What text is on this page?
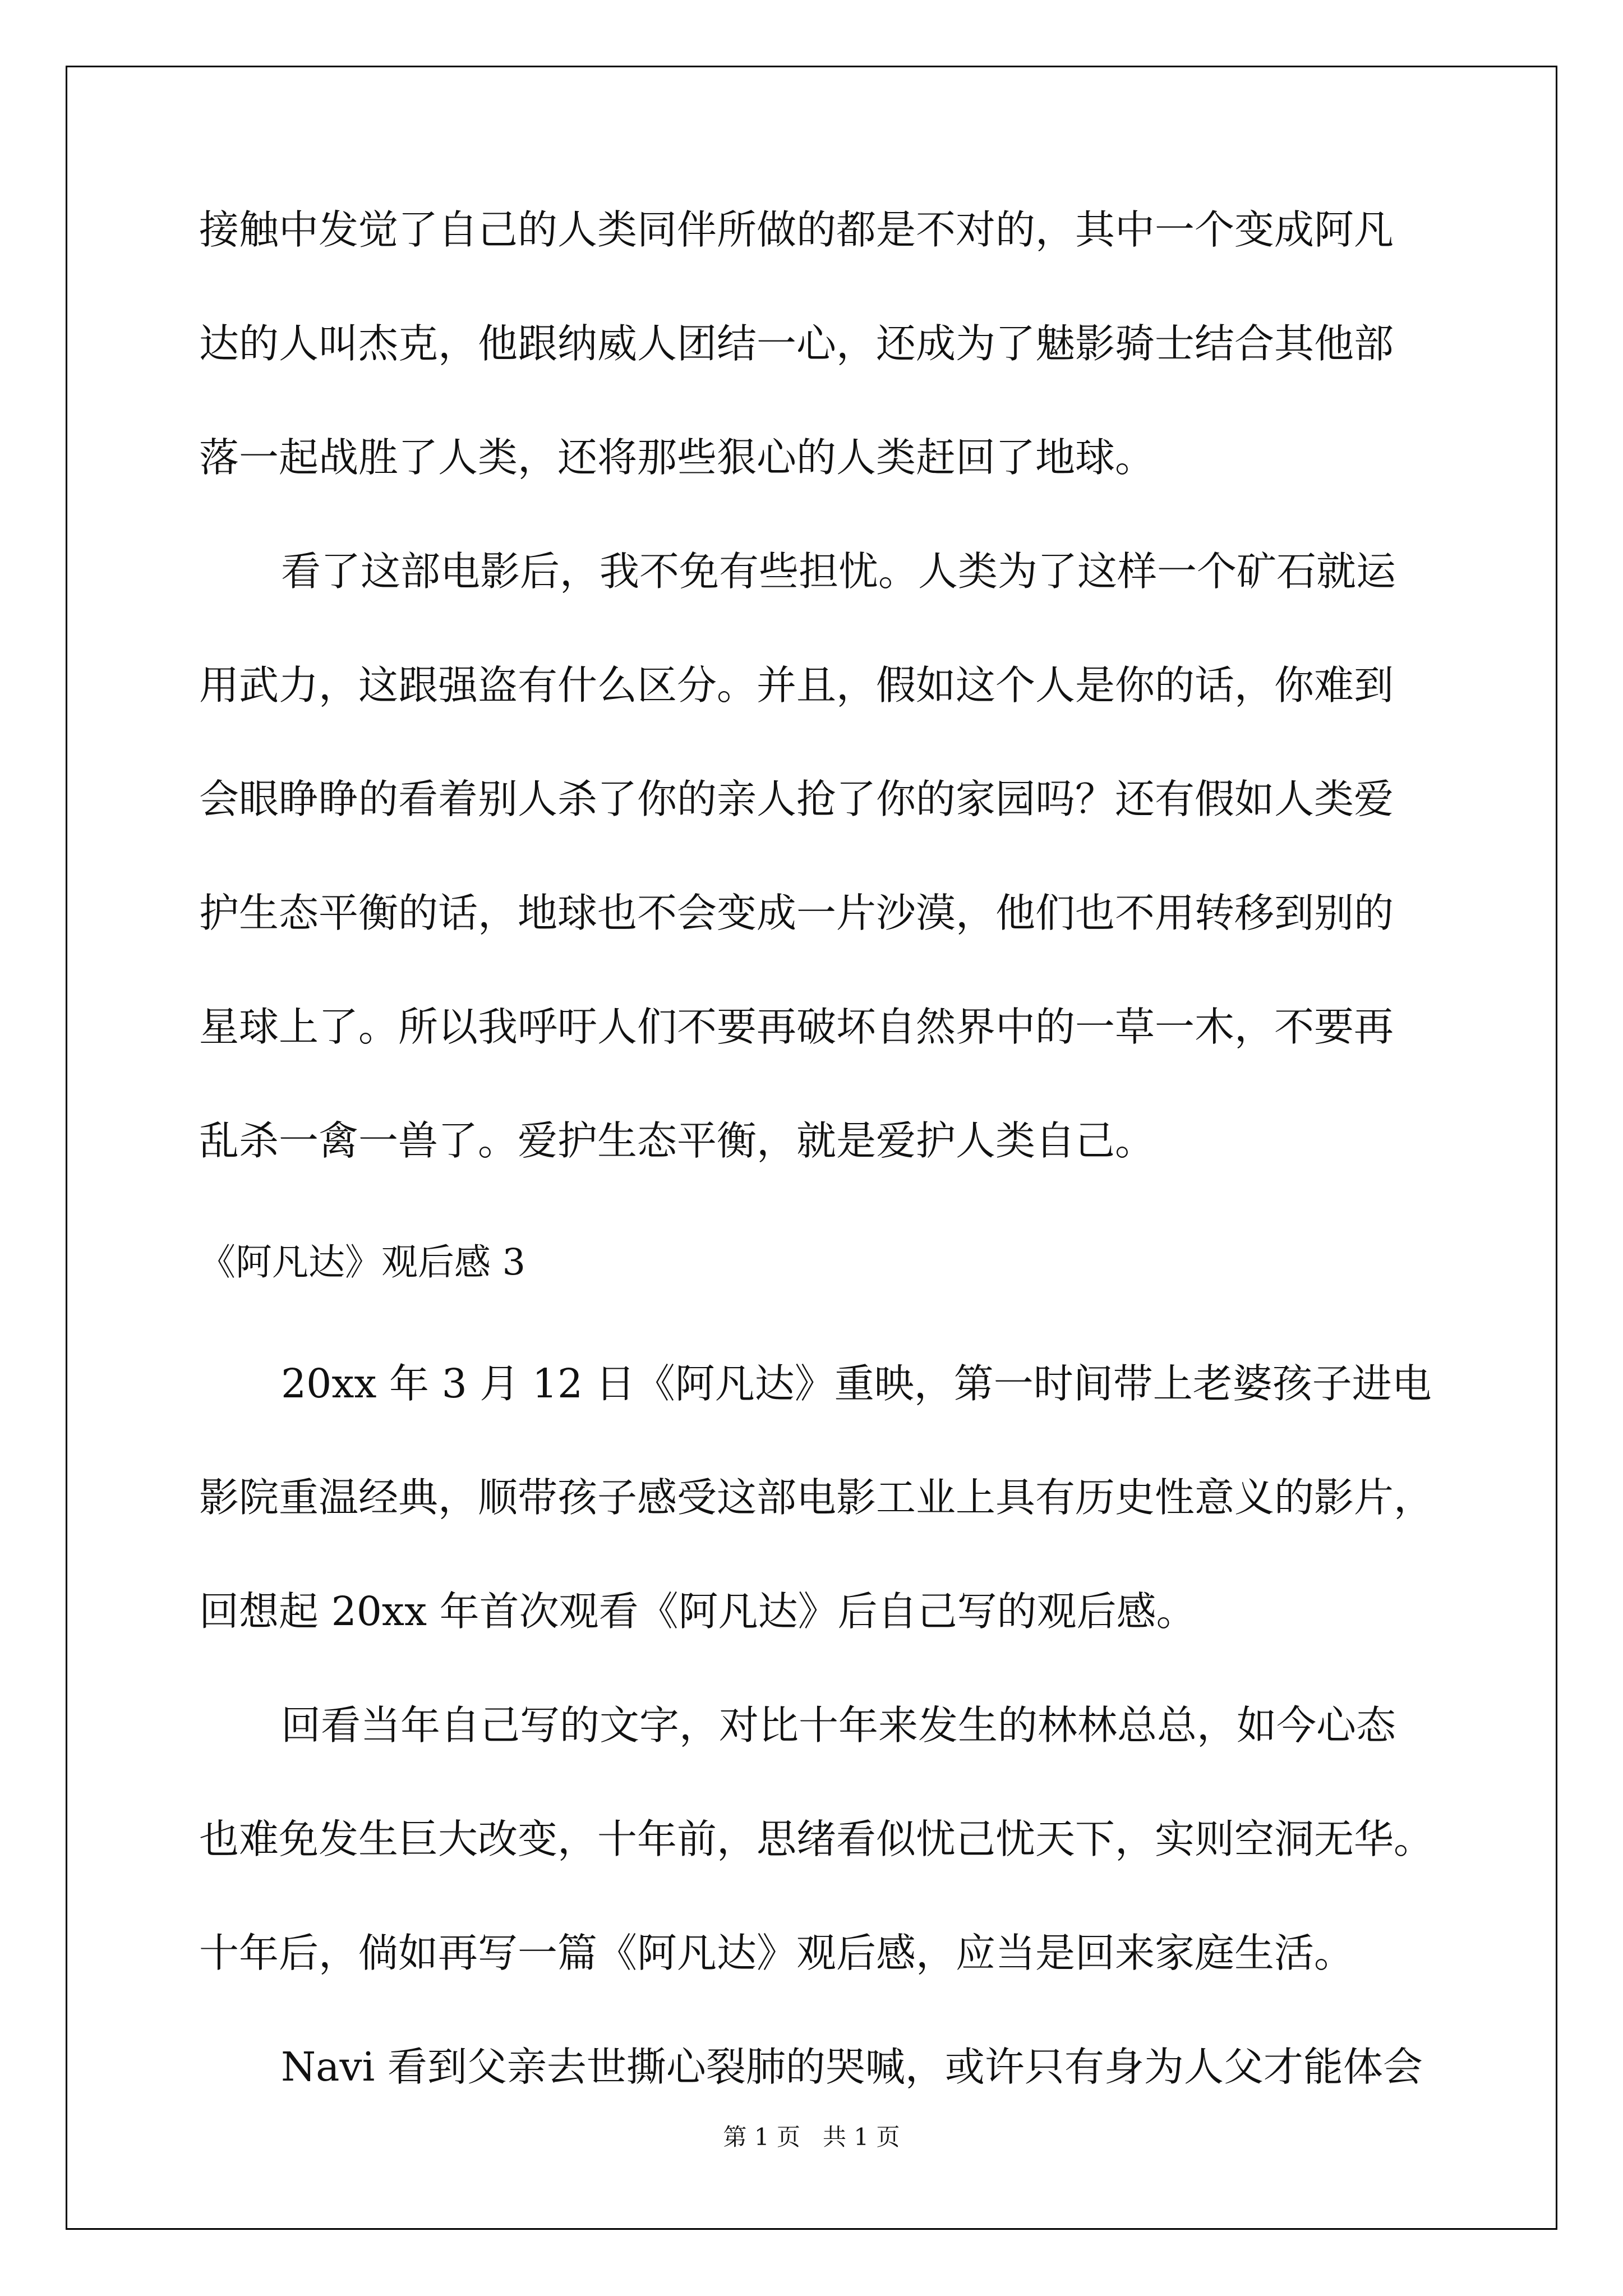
接触中发觉了自己的人类同伴所做的都是不对的，其中一个变成阿凡
达的人叫杰克，他跟纳威人团结一心，还成为了魅影骑士结合其他部
落一起战胜了人类，还将那些狠心的人类赶回了地球。
看了这部电影后，我不免有些担忧。人类为了这样一个矿石就运
用武力，这跟强盗有什么区分。并且，假如这个人是你的话，你难到
会眼睁睁的看着别人杀了你的亲人抢了你的家园吗？还有假如人类爱
护生态平衡的话，地球也不会变成一片沙漠，他们也不用转移到别的
星球上了。所以我呼吁人们不要再破坏自然界中的一草一木，不要再
乱杀一禽一兽了。爱护生态平衡，就是爱护人类自己。
《阿凡达》观后感 3
20xx 年 3 月 12 日《阿凡达》重映，第一时间带上老婆孩子进电
影院重温经典，顺带孩子感受这部电影工业上具有历史性意义的影片，
回想起 20xx 年首次观看《阿凡达》后自己写的观后感。
回看当年自己写的文字，对比十年来发生的林林总总，如今心态
也难免发生巨大改变，十年前，思绪看似忧己忧天下，实则空洞无华。
十年后，倘如再写一篇《阿凡达》观后感，应当是回来家庭生活。
Navi 看到父亲去世撕心裂肺的哭喊，或许只有身为人父才能体会
第 1 页   共 1 页
